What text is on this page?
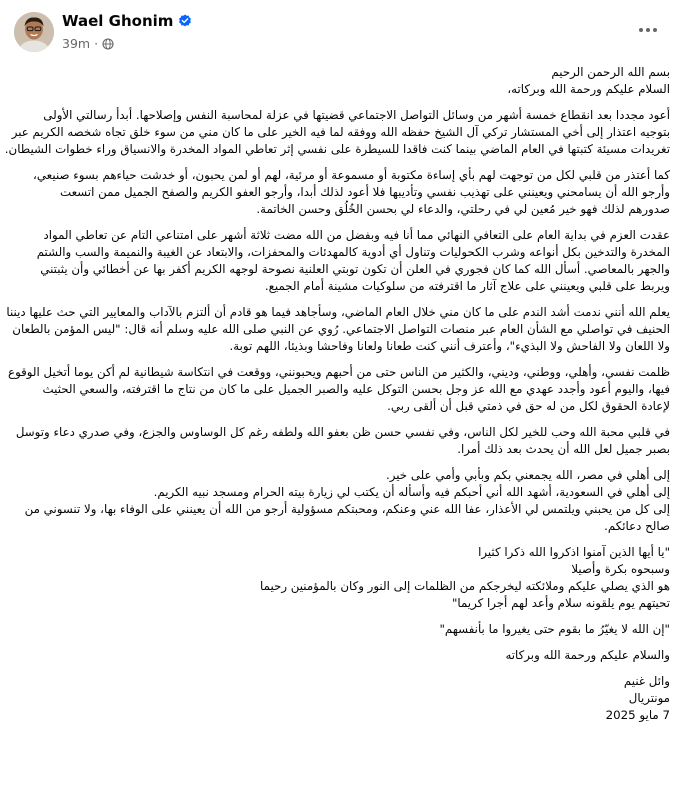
Wael Ghonim
39m ·
بسم الله الرحمن الرحيم
السلام عليكم ورحمة الله وبركاته،
أعود مجددا بعد انقطاع خمسة أشهر من وسائل التواصل الاجتماعي قضيتها في عزلة لمحاسبة النفس وإصلاحها. أبدأ رسالتي الأولى
بتوجيه اعتذار إلى أخي المستشار تركي آل الشيخ حفظه الله ووفقه لما فيه الخير على ما كان مني من سوء خلق تجاه شخصه الكريم عبر
تغريدات مسيئة كتبتها في العام الماضي بينما كنت فاقدا للسيطرة على نفسي إثر تعاطي المواد المخدرة والانسياق وراء خطوات الشيطان.
كما أعتذر من قلبي لكل من توجهت لهم بأي إساءة مكتوبة أو مسموعة أو مرئية، لهم أو لمن يحبون، أو خدشت حياءهم بسوء صنيعي،
وأرجو الله أن يسامحني ويعينني على تهذيب نفسي وتأديبها فلا أعود لذلك أبدا، وأرجو العفو الكريم والصفح الجميل ممن اتسعت
صدورهم لذلك فهو خير مُعين لي في رحلتي، والدعاء لي بحسن الخُلُق وحسن الخاتمة.
عقدت العزم في بداية العام على التعافي النهائي مما أنا فيه وبفضل من الله مضت ثلاثة أشهر على امتناعي التام عن تعاطي المواد
المخدرة والتدخين بكل أنواعه وشرب الكحوليات وتناول أي أدوية كالمهدئات والمحفزات، والابتعاد عن الغيبة والنميمة والسب والشتم
والجهر بالمعاصي. أسأل الله كما كان فجوري في العلن أن تكون توبتي العلنية نصوحة لوجهه الكريم أكفر بها عن أخطائي وأن يثبتني
ويربط على قلبي ويعينني على علاج آثار ما اقترفته من سلوكيات مشينة أمام الجميع.
يعلم الله أنني ندمت أشد الندم على ما كان مني خلال العام الماضي، وسأجاهد فيما هو قادم أن ألتزم بالآداب والمعايير التي حث عليها ديننا
الحنيف في تواصلي مع الشأن العام عبر منصات التواصل الاجتماعي. رُوي عن النبي صلى الله عليه وسلم أنه قال: "ليس المؤمن بالطعان
ولا اللعان ولا الفاحش ولا البذيء"، وأعترف أنني كنت طعانا ولعانا وفاحشا وبذيئا، اللهم توبة.
ظلمت نفسي، وأهلي، ووطني، وديني، والكثير من الناس حتى من أحبهم ويحبونني، ووقعت في انتكاسة شيطانية لم أكن يوما أتخيل الوقوع
فيها، واليوم أعود وأجدد عهدي مع الله عز وجل بحسن التوكل عليه والصبر الجميل على ما كان من نتاج ما اقترفته، والسعي الحثيث
لإعادة الحقوق لكل من له حق في ذمتي قبل أن ألقى ربي.
في قلبي محبة الله وحب للخير لكل الناس، وفي نفسي حسن ظن بعفو الله ولطفه رغم كل الوساوس والجزع، وفي صدري دعاء وتوسل
بصبر جميل لعل الله أن يحدث بعد ذلك أمرا.
إلى أهلي في مصر، الله يجمعني بكم وبأبي وأمي على خير.
إلى أهلي في السعودية، أشهد الله أني أحبكم فيه وأسأله أن يكتب لي زيارة بيته الحرام ومسجد نبيه الكريم.
إلى كل من يحبني ويلتمس لي الأعذار، عفا الله عني وعنكم، ومحبتكم مسؤولية أرجو من الله أن يعينني على الوفاء بها، ولا تنسوني من
صالح دعائكم.
"يا أيها الذين آمنوا اذكروا الله ذكرا كثيرا
وسبحوه بكرة وأصيلا
هو الذي يصلي عليكم وملائكته ليخرجكم من الظلمات إلى النور وكان بالمؤمنين رحيما
تحيتهم يوم يلقونه سلام وأعد لهم أجرا كريما"
"إن الله لا يغيّرُ ما بقوم حتى يغيروا ما بأنفسهم"
والسلام عليكم ورحمة الله وبركاته
وائل غنيم
مونتريال
7 مايو 2025
